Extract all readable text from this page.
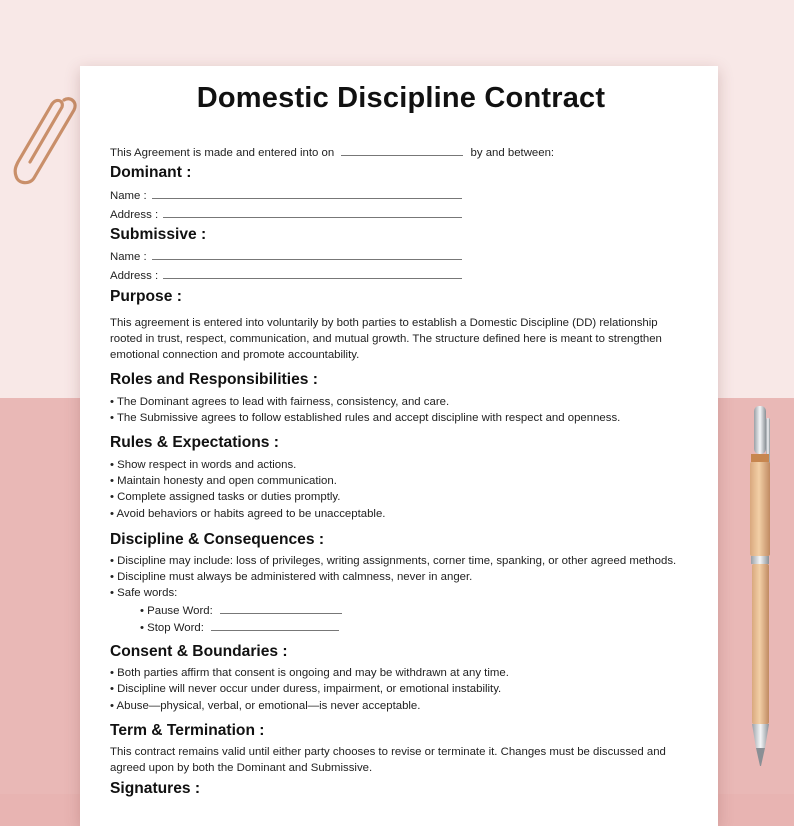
Domestic Discipline Contract
This Agreement is made and entered into on	by and between:
Dominant :
Name :
Address :
Submissive :
Name :
Address :
Purpose :
This agreement is entered into voluntarily by both parties to establish a Domestic Discipline (DD) relationship rooted in trust, respect, communication, and mutual growth. The structure defined here is meant to strengthen emotional connection and promote accountability.
Roles and Responsibilities :
• The Dominant agrees to lead with fairness, consistency, and care.
• The Submissive agrees to follow established rules and accept discipline with respect and openness.
Rules & Expectations :
• Show respect in words and actions.
• Maintain honesty and open communication.
• Complete assigned tasks or duties promptly.
• Avoid behaviors or habits agreed to be unacceptable.
Discipline & Consequences :
• Discipline may include: loss of privileges, writing assignments, corner time, spanking, or other agreed methods.
• Discipline must always be administered with calmness, never in anger.
• Safe words:
• Pause Word:
• Stop Word:
Consent & Boundaries :
• Both parties affirm that consent is ongoing and may be withdrawn at any time.
• Discipline will never occur under duress, impairment, or emotional instability.
• Abuse—physical, verbal, or emotional—is never acceptable.
Term & Termination :
This contract remains valid until either party chooses to revise or terminate it. Changes must be discussed and agreed upon by both the Dominant and Submissive.
Signatures :
